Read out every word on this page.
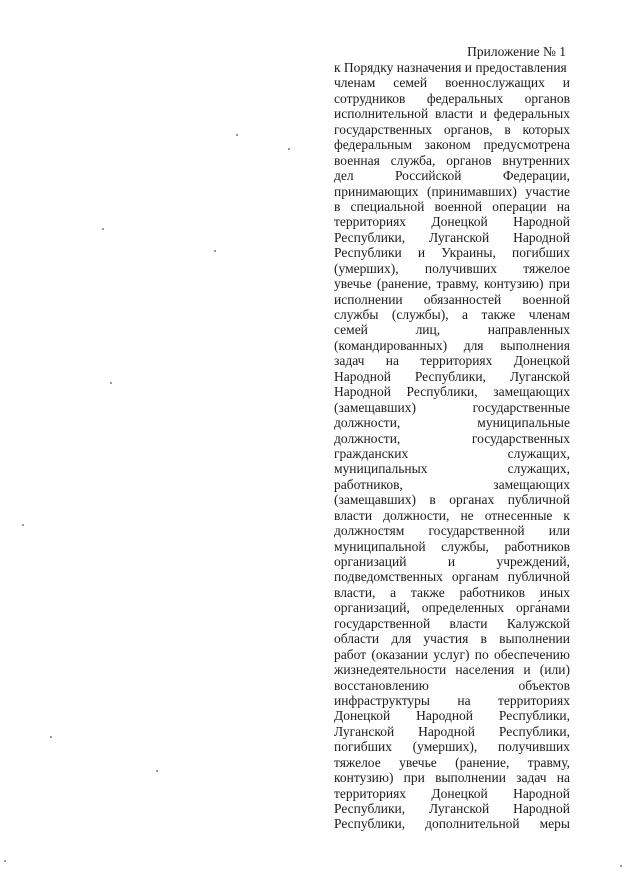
Приложение № 1
к Порядку назначения и предоставления
членам семей военнослужащих и
сотрудников федеральных органов
исполнительной власти и федеральных
государственных органов, в которых
федеральным законом предусмотрена
военная служба, органов внутренних
дел Российской Федерации,
принимающих (принимавших) участие
в специальной военной операции на
территориях Донецкой Народной
Республики, Луганской Народной
Республики и Украины, погибших
(умерших), получивших тяжелое
увечье (ранение, травму, контузию) при
исполнении обязанностей военной
службы (службы), а также членам
семей лиц, направленных
(командированных) для выполнения
задач на территориях Донецкой
Народной Республики, Луганской
Народной Республики, замещающих
(замещавших) государственные
должности, муниципальные
должности, государственных
гражданских служащих,
муниципальных служащих,
работников, замещающих
(замещавших) в органах публичной
власти должности, не отнесенные к
должностям государственной или
муниципальной службы, работников
организаций и учреждений,
подведомственных органам публичной
власти, а также работников иных
организаций, определенных орга́нами
государственной власти Калужской
области для участия в выполнении
работ (оказании услуг) по обеспечению
жизнедеятельности населения и (или)
восстановлению объектов
инфраструктуры на территориях
Донецкой Народной Республики,
Луганской Народной Республики,
погибших (умерших), получивших
тяжелое увечье (ранение, травму,
контузию) при выполнении задач на
территориях Донецкой Народной
Республики, Луганской Народной
Республики, дополнительной меры
